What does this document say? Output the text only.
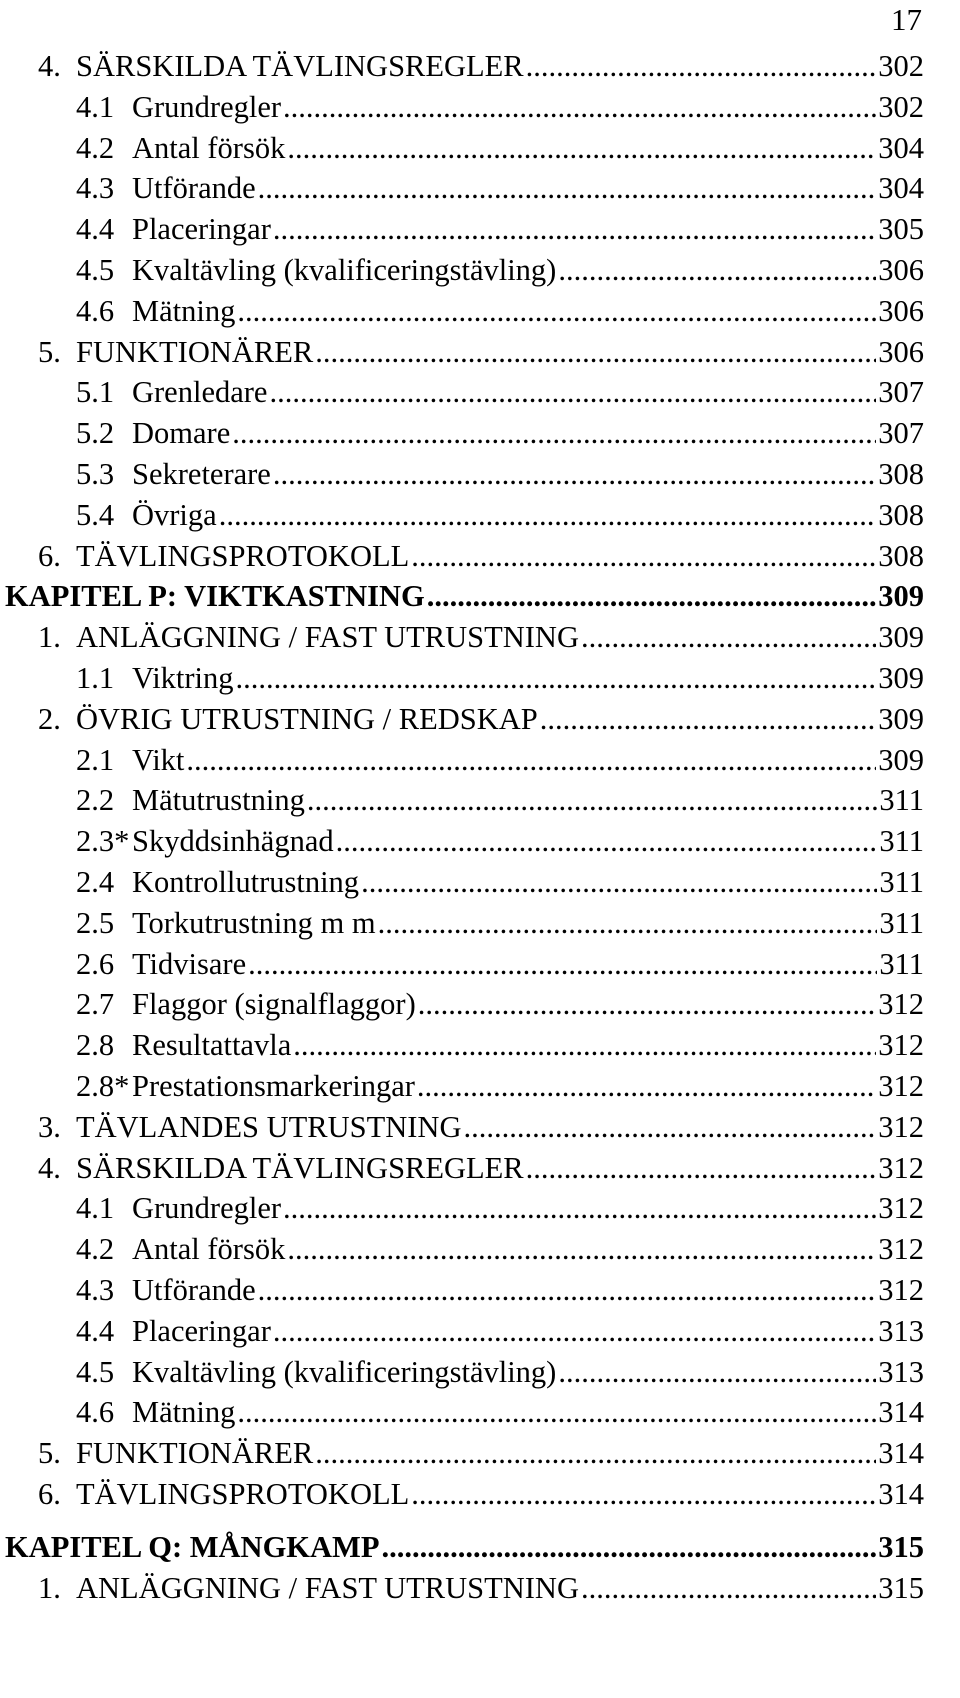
17
4. SÄRSKILDA TÄVLINGSREGLER .....	302
4.1 Grundregler .....	302
4.2 Antal försök .....	304
4.3 Utförande .....	304
4.4 Placeringar .....	305
4.5 Kvaltävling (kvalificeringstävling) .....	306
4.6 Mätning .....	306
5. FUNKTIONÄRER .....	306
5.1 Grenledare .....	307
5.2 Domare .....	307
5.3 Sekreterare .....	308
5.4 Övriga .....	308
6. TÄVLINGSPROTOKOLL .....	308
KAPITEL P: VIKTKASTNING .....	309
1. ANLÄGGNING / FAST UTRUSTNING .....	309
1.1 Viktring .....	309
2. ÖVRIG UTRUSTNING / REDSKAP .....	309
2.1 Vikt .....	309
2.2 Mätutrustning .....	311
2.3* Skyddsinhägnad .....	311
2.4 Kontrollutrustning .....	311
2.5 Torkutrustning m m .....	311
2.6 Tidvisare .....	311
2.7 Flaggor (signalflaggor) .....	312
2.8 Resultattavla .....	312
2.8* Prestationsmarkeringar .....	312
3. TÄVLANDES UTRUSTNING .....	312
4. SÄRSKILDA TÄVLINGSREGLER .....	312
4.1 Grundregler .....	312
4.2 Antal försök .....	312
4.3 Utförande .....	312
4.4 Placeringar .....	313
4.5 Kvaltävling (kvalificeringstävling) .....	313
4.6 Mätning .....	314
5. FUNKTIONÄRER .....	314
6. TÄVLINGSPROTOKOLL .....	314
KAPITEL Q: MÅNGKAMP .....	315
1. ANLÄGGNING / FAST UTRUSTNING .....	315
